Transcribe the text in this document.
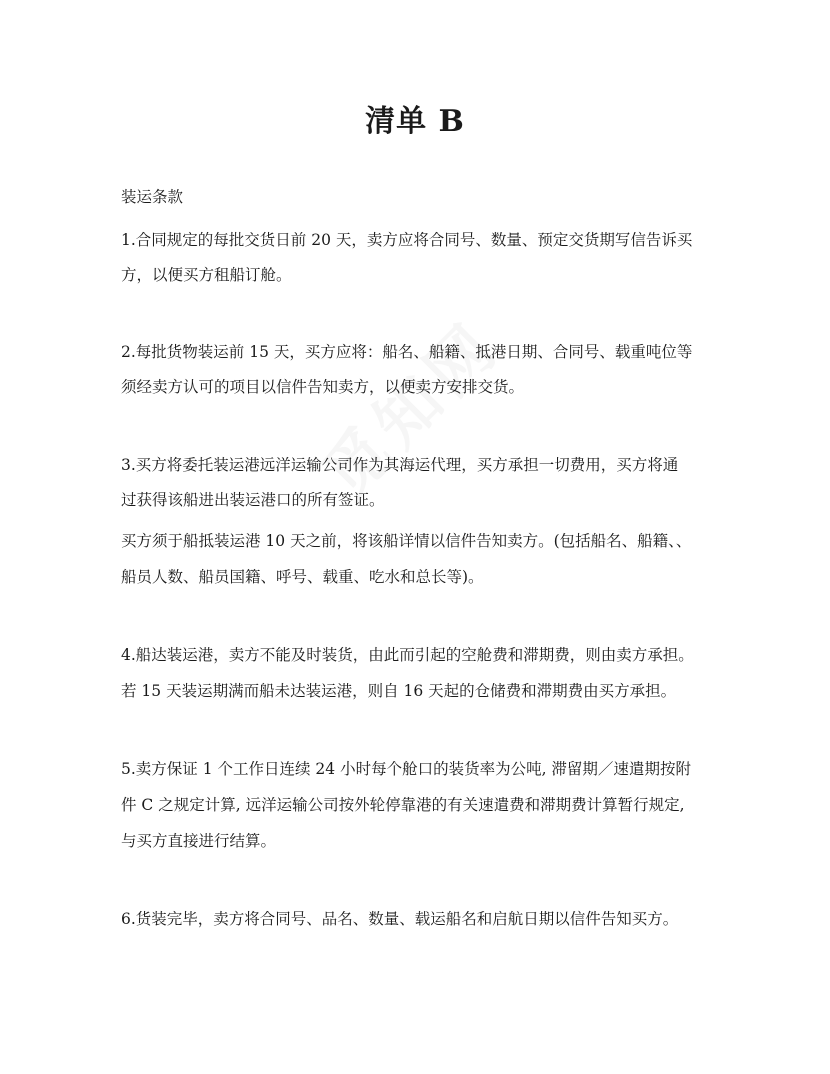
清单 B

装运条款

1.合同规定的每批交货日前 20 天，卖方应将合同号、数量、预定交货期写信告诉买

方，以便买方租船订舱。

2.每批货物装运前 15 天，买方应将：船名、船籍、抵港日期、合同号、载重吨位等

须经卖方认可的项目以信件告知卖方，以便卖方安排交货。

3.买方将委托装运港远洋运输公司作为其海运代理，买方承担一切费用，买方将通

过获得该船进出装运港口的所有签证。

买方须于船抵装运港 10 天之前，将该船详情以信件告知卖方。(包括船名、船籍、、

船员人数、船员国籍、呼号、载重、吃水和总长等)。

4.船达装运港，卖方不能及时装货，由此而引起的空舱费和滞期费，则由卖方承担。

若 15 天装运期满而船未达装运港，则自 16 天起的仓储费和滞期费由买方承担。

5.卖方保证 1 个工作日连续 24 小时每个舱口的装货率为公吨, 滞留期／速遣期按附

件 C 之规定计算, 远洋运输公司按外轮停靠港的有关速遣费和滞期费计算暂行规定,

与买方直接进行结算。

6.货装完毕，卖方将合同号、品名、数量、载运船名和启航日期以信件告知买方。
